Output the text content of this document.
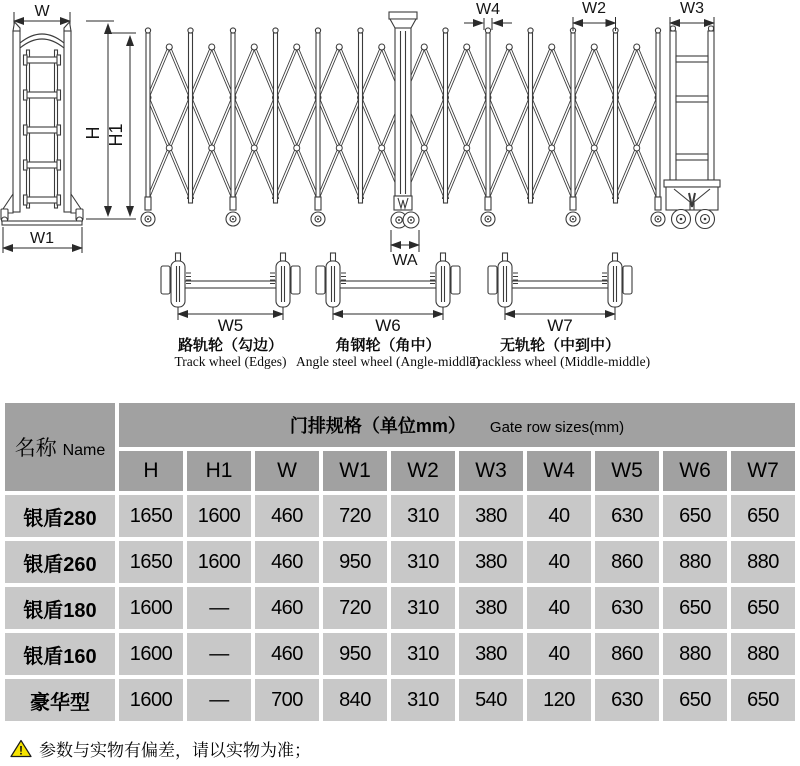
W
W1
H H1
WA
W4	W2	W3
W5
路轨轮（勾边）
Track wheel (Edges)
W6
角钢轮（角中）
Angle steel wheel (Angle-middle)
W7
无轨轮（中到中）
Trackless wheel (Middle-middle)
名称 Name	门排规格（单位mm） Gate row sizes(mm)									
	H	H1	W	W1	W2	W3	W4	W5	W6	W7
银盾280	1650	1600	460	720	310	380	40	630	650	650
银盾260	1650	1600	460	950	310	380	40	860	880	880
银盾180	1600	—	460	720	310	380	40	630	650	650
银盾160	1600	—	460	950	310	380	40	860	880	880
豪华型	1600	—	700	840	310	540	120	630	650	650
! 参数与实物有偏差，请以实物为准；
